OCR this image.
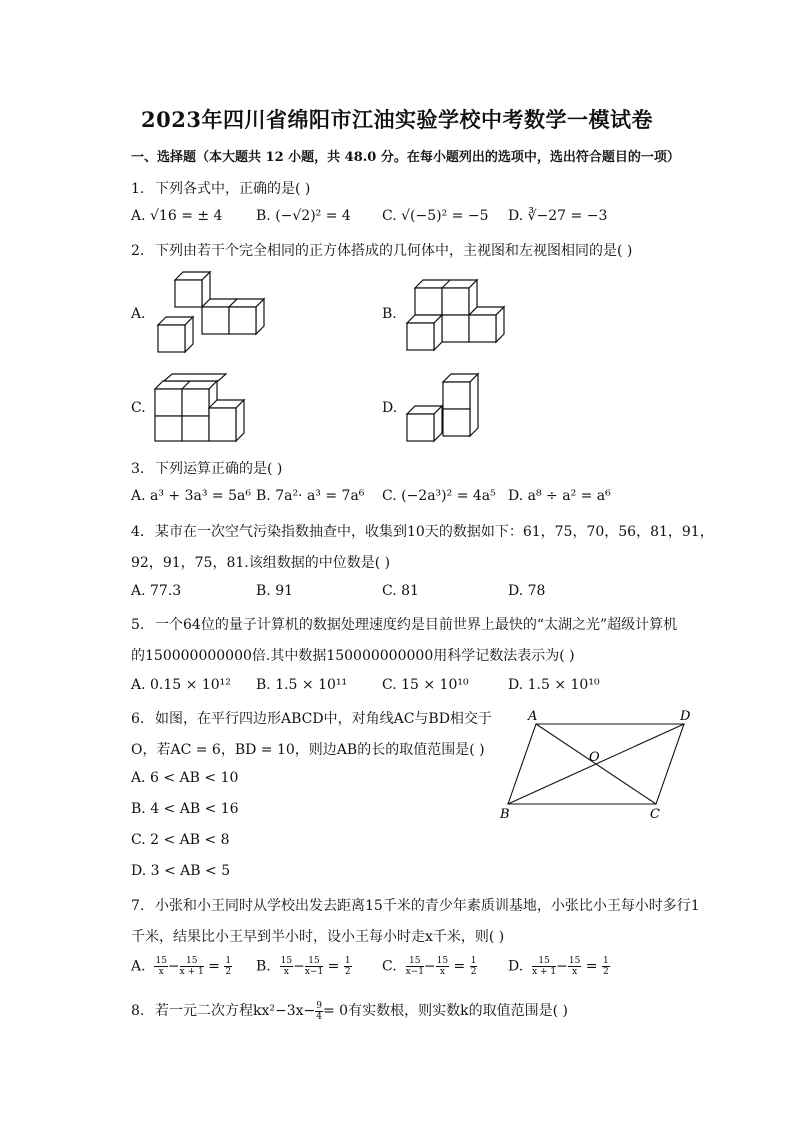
2023年四川省绵阳市江油实验学校中考数学一模试卷
一、选择题（本大题共 12 小题，共 48.0 分。在每小题列出的选项中，选出符合题目的一项）
1. 下列各式中，正确的是( )
A. √16 = ± 4 B. (−√2)² = 4 C. √(−5)² = −5 D. ∛−27 = −3
2. 下列由若干个完全相同的正方体搭成的几何体中，主视图和左视图相同的是( )
A.	B.
C.	D.
3. 下列运算正确的是( )
A. a³ + 3a³ = 5a⁶ B. 7a²· a³ = 7a⁶ C. (−2a³)² = 4a⁵ D. a⁸ ÷ a² = a⁶
4. 某市在一次空气污染指数抽查中，收集到10天的数据如下：61，75，70，56，81，91，
92，91，75，81.该组数据的中位数是( )
A. 77.3	B. 91	C. 81	D. 78
5. 一个64位的量子计算机的数据处理速度约是目前世界上最快的“太湖之光”超级计算机
的150000000000倍.其中数据150000000000用科学记数法表示为( )
A. 0.15 × 10¹² B. 1.5 × 10¹¹ C. 15 × 10¹⁰	D. 1.5 × 10¹⁰
6. 如图，在平行四边形ABCD中，对角线AC与BD相交于
O，若AC = 6，BD = 10，则边AB的长的取值范围是( )
A. 6 < AB < 10
B. 4 < AB < 16
C. 2 < AB < 8
D. 3 < AB < 5
A	D
O
B	C
7. 小张和小王同时从学校出发去距离15千米的青少年素质训基地，小张比小王每小时多行1
千米，结果比小王早到半小时，设小王每小时走x千米，则( )
A. $\frac{15}{x} - \frac{15}{x + 1} = \frac{1}{2} B$. $\frac{15}{x} - \frac{15}{x-1} = \frac{1}{2} C$. $\frac{15}{x-1} - \frac{15}{x} = \frac{1}{2} D$. $\frac{15}{x + 1} - \frac{15}{x} = \frac{1}{2}$
8. 若一元二次方程$kx^2-3x- \frac{9}{4} = 0$有实数根，则实数k的取值范围是( )
